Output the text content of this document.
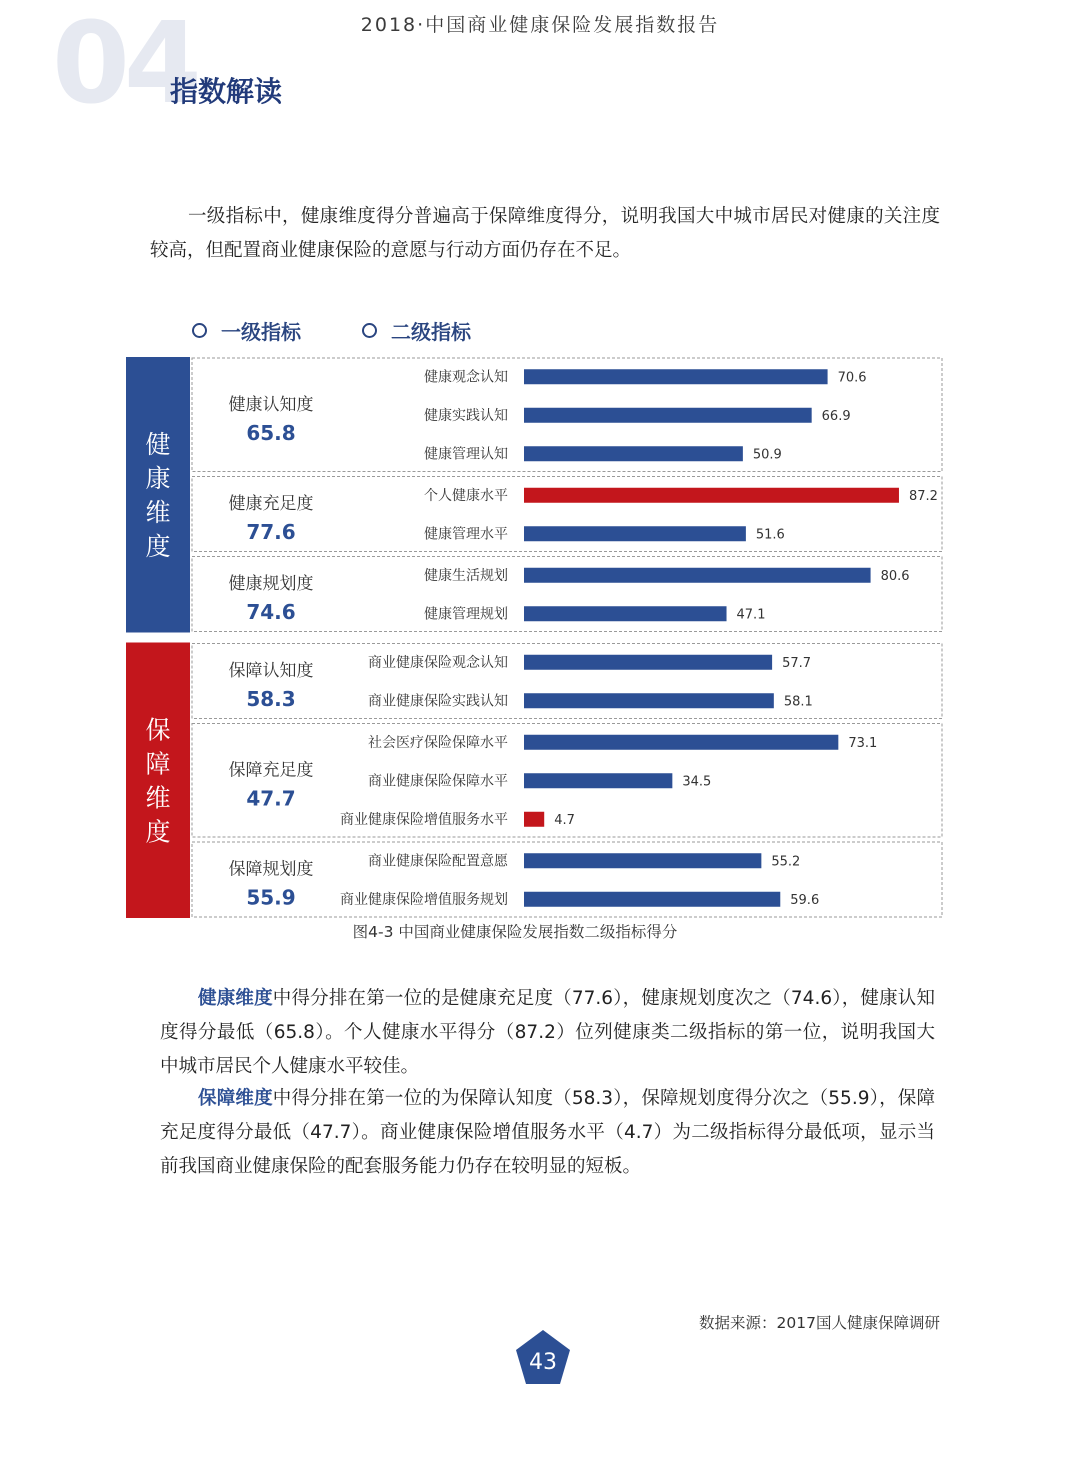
2018·中国商业健康保险发展指数报告
04
指数解读
一级指标中，健康维度得分普遍高于保障维度得分，说明我国大中城市居民对健康的关注度较高，但配置商业健康保险的意愿与行动方面仍存在不足。
一级指标	二级指标
健康认知度
65.8
健康观念认知	70.6
健康实践认知	66.9
健康管理认知	50.9
健康充足度
77.6
个人健康水平	87.2
健康管理水平	51.6
健康规划度
74.6
健康生活规划	80.6
健康管理规划	47.1
健
康
维
度
保障认知度
58.3
商业健康保险观念认知	57.7
商业健康保险实践认知	58.1
保障充足度
47.7
社会医疗保险保障水平	73.1
商业健康保险保障水平	34.5
商业健康保险增值服务水平	4.7
保障规划度
55.9
商业健康保险配置意愿	55.2
商业健康保险增值服务规划	59.6
保
障
维
度
图4-3 中国商业健康保险发展指数二级指标得分
健康维度中得分排在第一位的是健康充足度（77.6），健康规划度次之（74.6），健康认知度得分最低（65.8）。个人健康水平得分（87.2）位列健康类二级指标的第一位，说明我国大中城市居民个人健康水平较佳。
保障维度中得分排在第一位的为保障认知度（58.3），保障规划度得分次之（55.9），保障充足度得分最低（47.7）。商业健康保险增值服务水平（4.7）为二级指标得分最低项，显示当前我国商业健康保险的配套服务能力仍存在较明显的短板。
数据来源：2017国人健康保障调研
43
